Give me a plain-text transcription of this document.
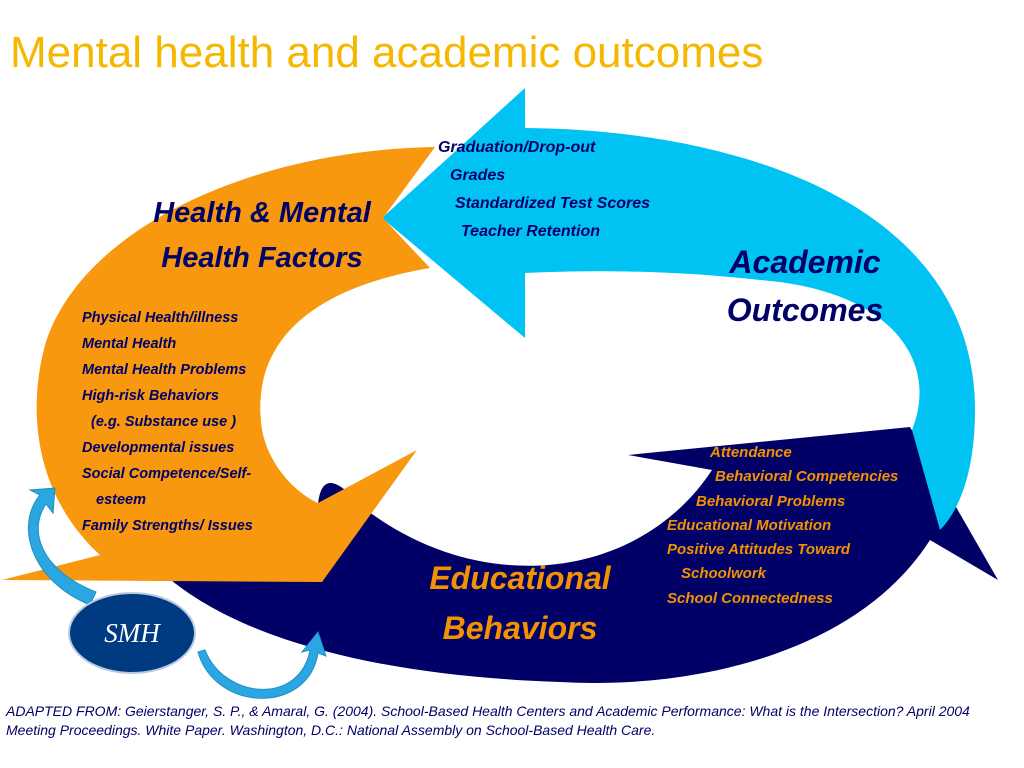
Mental health and academic outcomes
Health & Mental
Health Factors
Physical Health/illness
Mental Health
Mental Health Problems
High-risk Behaviors
(e.g. Substance use )
Developmental issues
Social Competence/Self-
esteem
Family Strengths/ Issues
Graduation/Drop-out
Grades
Standardized Test Scores
Teacher Retention
Academic
Outcomes
Attendance
Behavioral Competencies
Behavioral Problems
Educational Motivation
Positive Attitudes Toward
Schoolwork
School Connectedness
Educational
Behaviors
SMH
ADAPTED FROM: Geierstanger, S. P., & Amaral, G. (2004). School-Based Health Centers and Academic Performance: What is the Intersection? April 2004 Meeting Proceedings. White Paper. Washington, D.C.: National Assembly on School-Based Health Care.
